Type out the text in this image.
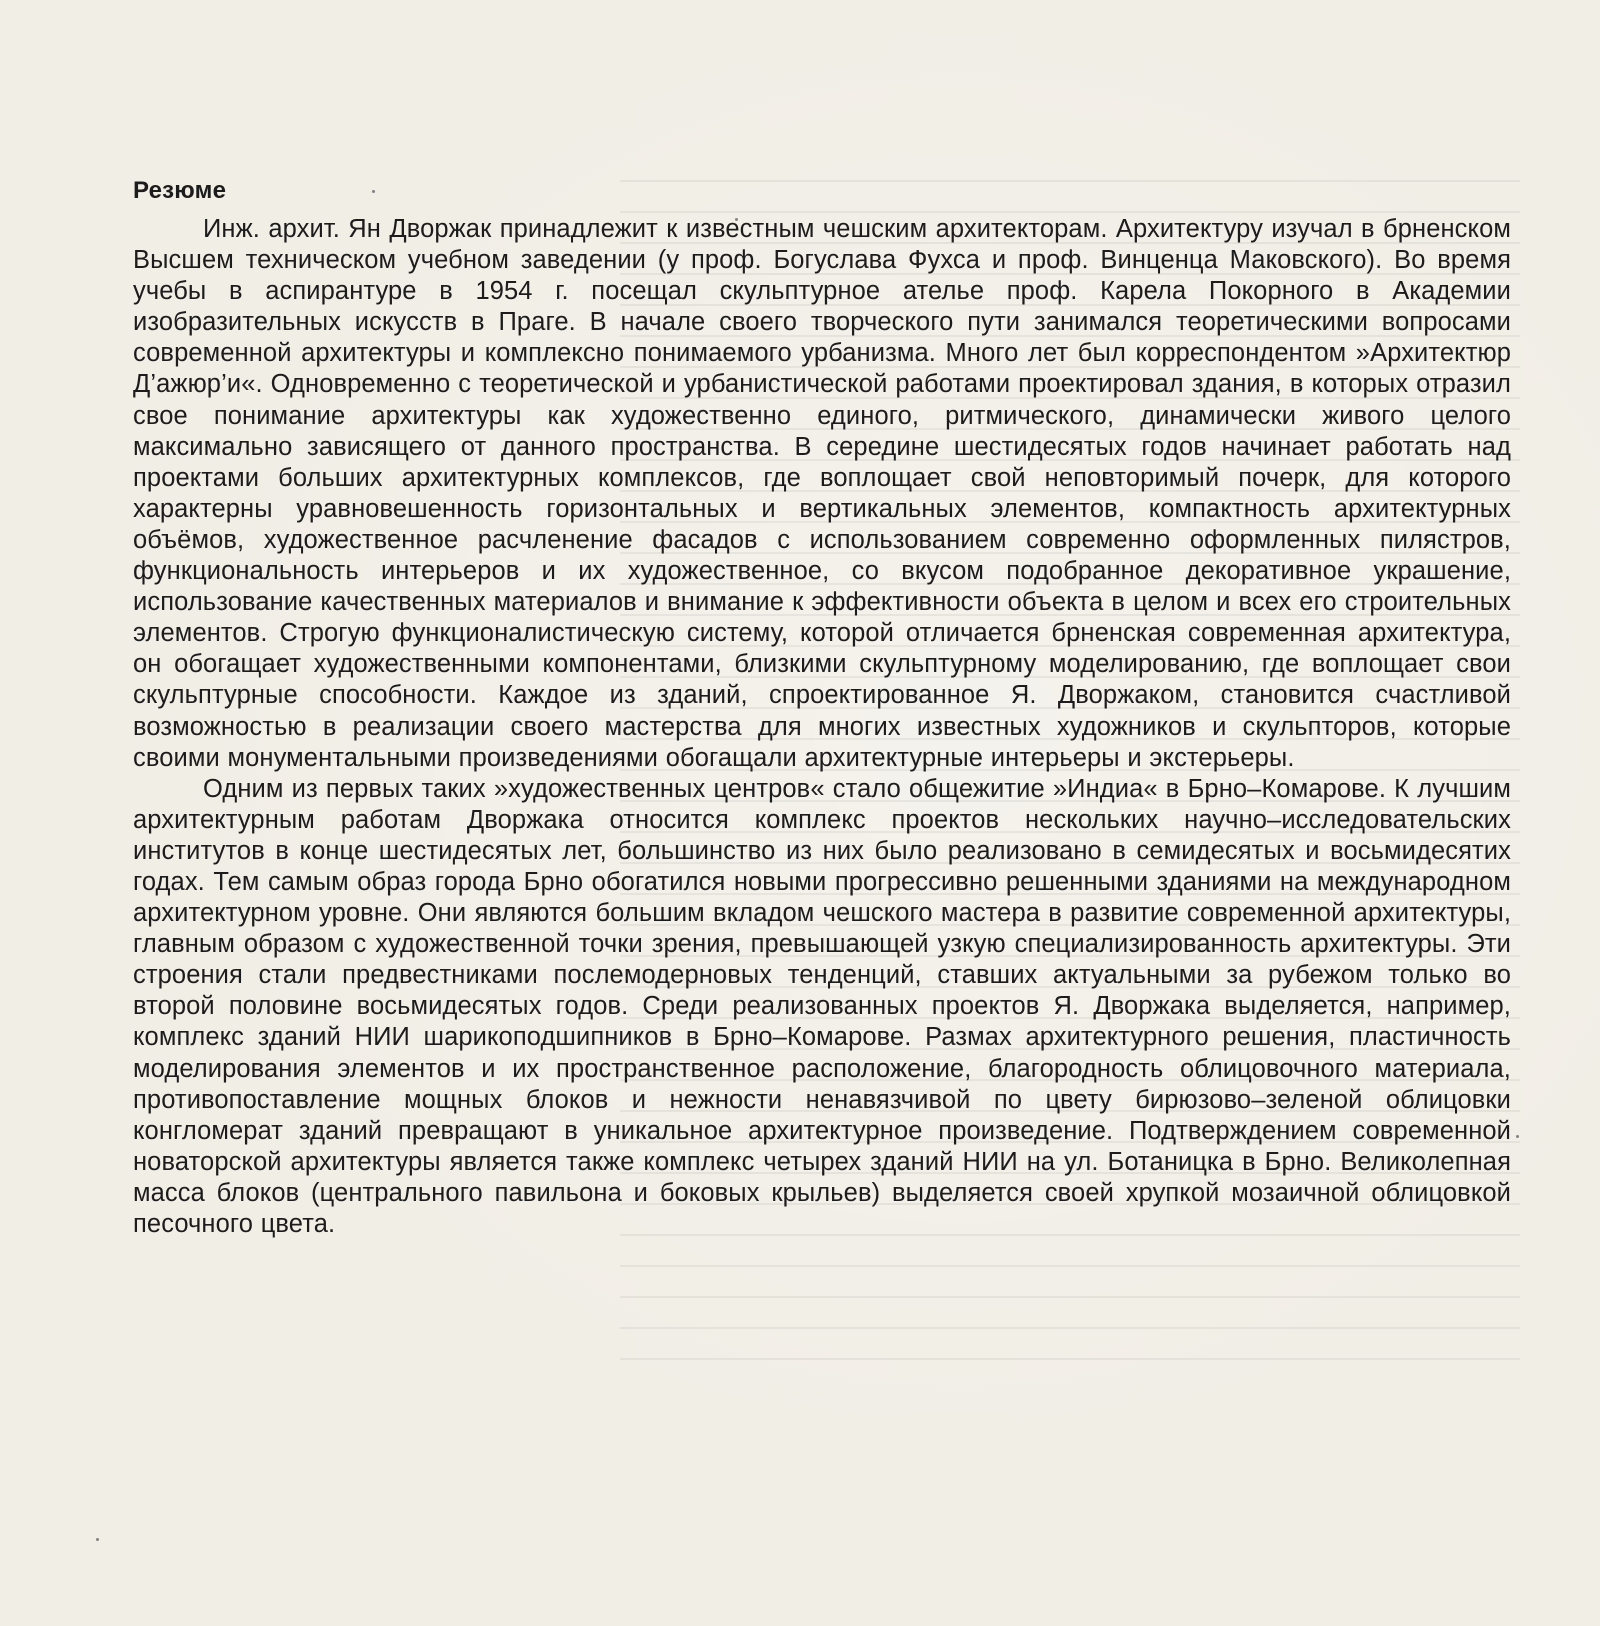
Резюме

Инж. архит. Ян Дворжак принадлежит к известным чешским архитекторам. Архитектуру изучал в брненском Высшем техническом учебном заведении (у проф. Богуслава Фухса и проф. Винценца Маковского). Во время учебы в аспирантуре в 1954 г. посещал скульптурное ателье проф. Карела Покорного в Академии изобразительных искусств в Праге. В начале своего творческого пути занимался теоретическими вопросами современной архитектуры и комплексно понимаемого урбанизма. Много лет был корреспондентом »Архитектюр Д’ажюр’и«. Одновременно с теоретической и урбанистической работами проектировал здания, в которых отразил свое понимание архитектуры как художественно единого, ритмического, динамически живого целого максимально зависящего от данного пространства. В середине шестидесятых годов начинает работать над проектами больших архитектурных комплексов, где воплощает свой неповторимый почерк, для которого характерны уравновешенность горизонтальных и вертикальных элементов, компактность архитектурных объёмов, художественное расчленение фасадов с использованием современно оформленных пилястров, функциональность интерьеров и их художественное, со вкусом подобранное декоративное украшение, использование качественных материалов и внимание к эффективности объекта в целом и всех его строительных элементов. Строгую функционалистическую систему, которой отличается брненская современная архитектура, он обогащает художественными компонентами, близкими скульптурному моделированию, где воплощает свои скульптурные способности. Каждое из зданий, спроектированное Я. Дворжаком, становится счастливой возможностью в реализации своего мастерства для многих известных художников и скульпторов, которые своими монументальными произведениями обогащали архитектурные интерьеры и экстерьеры.

Одним из первых таких »художественных центров« стало общежитие »Индиа« в Брно–Комарове. К лучшим архитектурным работам Дворжака относится комплекс проектов нескольких научно–исследовательских институтов в конце шестидесятых лет, большинство из них было реализовано в семидесятых и восьмидесятих годах. Тем самым образ города Брно обогатился новыми прогрессивно решенными зданиями на международном архитектурном уровне. Они являются большим вкладом чешского мастера в развитие современной архитектуры, главным образом с художественной точки зрения, превышающей узкую специализированность архитектуры. Эти строения стали предвестниками послемодерновых тенденций, ставших актуальными за рубежом только во второй половине восьмидесятых годов. Среди реализованных проектов Я. Дворжака выделяется, например, комплекс зданий НИИ шарикоподшипников в Брно–Комарове. Размах архитектурного решения, пластичность моделирования элементов и их пространственное расположение, благородность облицовочного материала, противопоставление мощных блоков и нежности ненавязчивой по цвету бирюзово–зеленой облицовки конгломерат зданий превращают в уникальное архитектурное произведение. Подтверждением современной новаторской архитектуры является также комплекс четырех зданий НИИ на ул. Ботаницка в Брно. Великолепная масса блоков (центрального павильона и боковых крыльев) выделяется своей хрупкой мозаичной облицовкой песочного цвета.
